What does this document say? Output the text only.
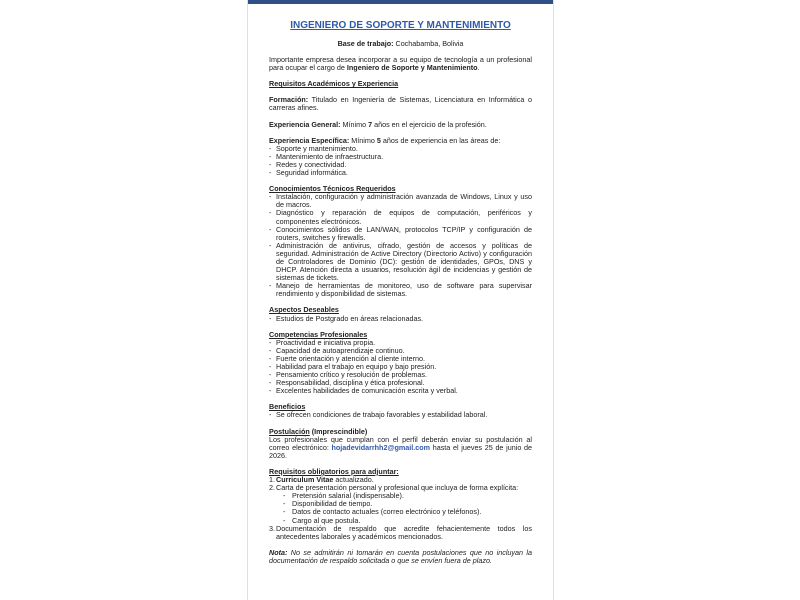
INGENIERO DE SOPORTE Y MANTENIMIENTO
Base de trabajo: Cochabamba, Bolivia
Importante empresa desea incorporar a su equipo de tecnología a un profesional para ocupar el cargo de Ingeniero de Soporte y Mantenimiento.
Requisitos Académicos y Experiencia
Formación: Titulado en Ingeniería de Sistemas, Licenciatura en Informática o carreras afines.
Experiencia General: Mínimo 7 años en el ejercicio de la profesión.
Experiencia Específica: Mínimo 5 años de experiencia en las áreas de:
- Soporte y mantenimiento.
- Mantenimiento de infraestructura.
- Redes y conectividad.
- Seguridad informática.
Conocimientos Técnicos Requeridos
- Instalación, configuración y administración avanzada de Windows, Linux y uso de macros.
- Diagnóstico y reparación de equipos de computación, periféricos y componentes electrónicos.
- Conocimientos sólidos de LAN/WAN, protocolos TCP/IP y configuración de routers, switches y firewalls.
- Administración de antivirus, cifrado, gestión de accesos y políticas de seguridad. Administración de Active Directory (Directorio Activo) y configuración de Controladores de Dominio (DC): gestión de identidades, GPOs, DNS y DHCP. Atención directa a usuarios, resolución ágil de incidencias y gestión de sistemas de tickets.
- Manejo de herramientas de monitoreo, uso de software para supervisar rendimiento y disponibilidad de sistemas.
Aspectos Deseables
- Estudios de Postgrado en áreas relacionadas.
Competencias Profesionales
- Proactividad e iniciativa propia.
- Capacidad de autoaprendizaje continuo.
- Fuerte orientación y atención al cliente interno.
- Habilidad para el trabajo en equipo y bajo presión.
- Pensamiento crítico y resolución de problemas.
- Responsabilidad, disciplina y ética profesional.
- Excelentes habilidades de comunicación escrita y verbal.
Beneficios
- Se ofrecen condiciones de trabajo favorables y estabilidad laboral.
Postulación (Imprescindible)
Los profesionales que cumplan con el perfil deberán enviar su postulación al correo electrónico: hojadevidarrhh2@gmail.com hasta el jueves 25 de junio de 2026.
Requisitos obligatorios para adjuntar:
1. Curriculum Vitae actualizado.
2. Carta de presentación personal y profesional que incluya de forma explícita:
- Pretensión salarial (indispensable).
- Disponibilidad de tiempo.
- Datos de contacto actuales (correo electrónico y teléfonos).
- Cargo al que postula.
3. Documentación de respaldo que acredite fehacientemente todos los antecedentes laborales y académicos mencionados.
Nota: No se admitirán ni tomarán en cuenta postulaciones que no incluyan la documentación de respaldo solicitada o que se envíen fuera de plazo.
